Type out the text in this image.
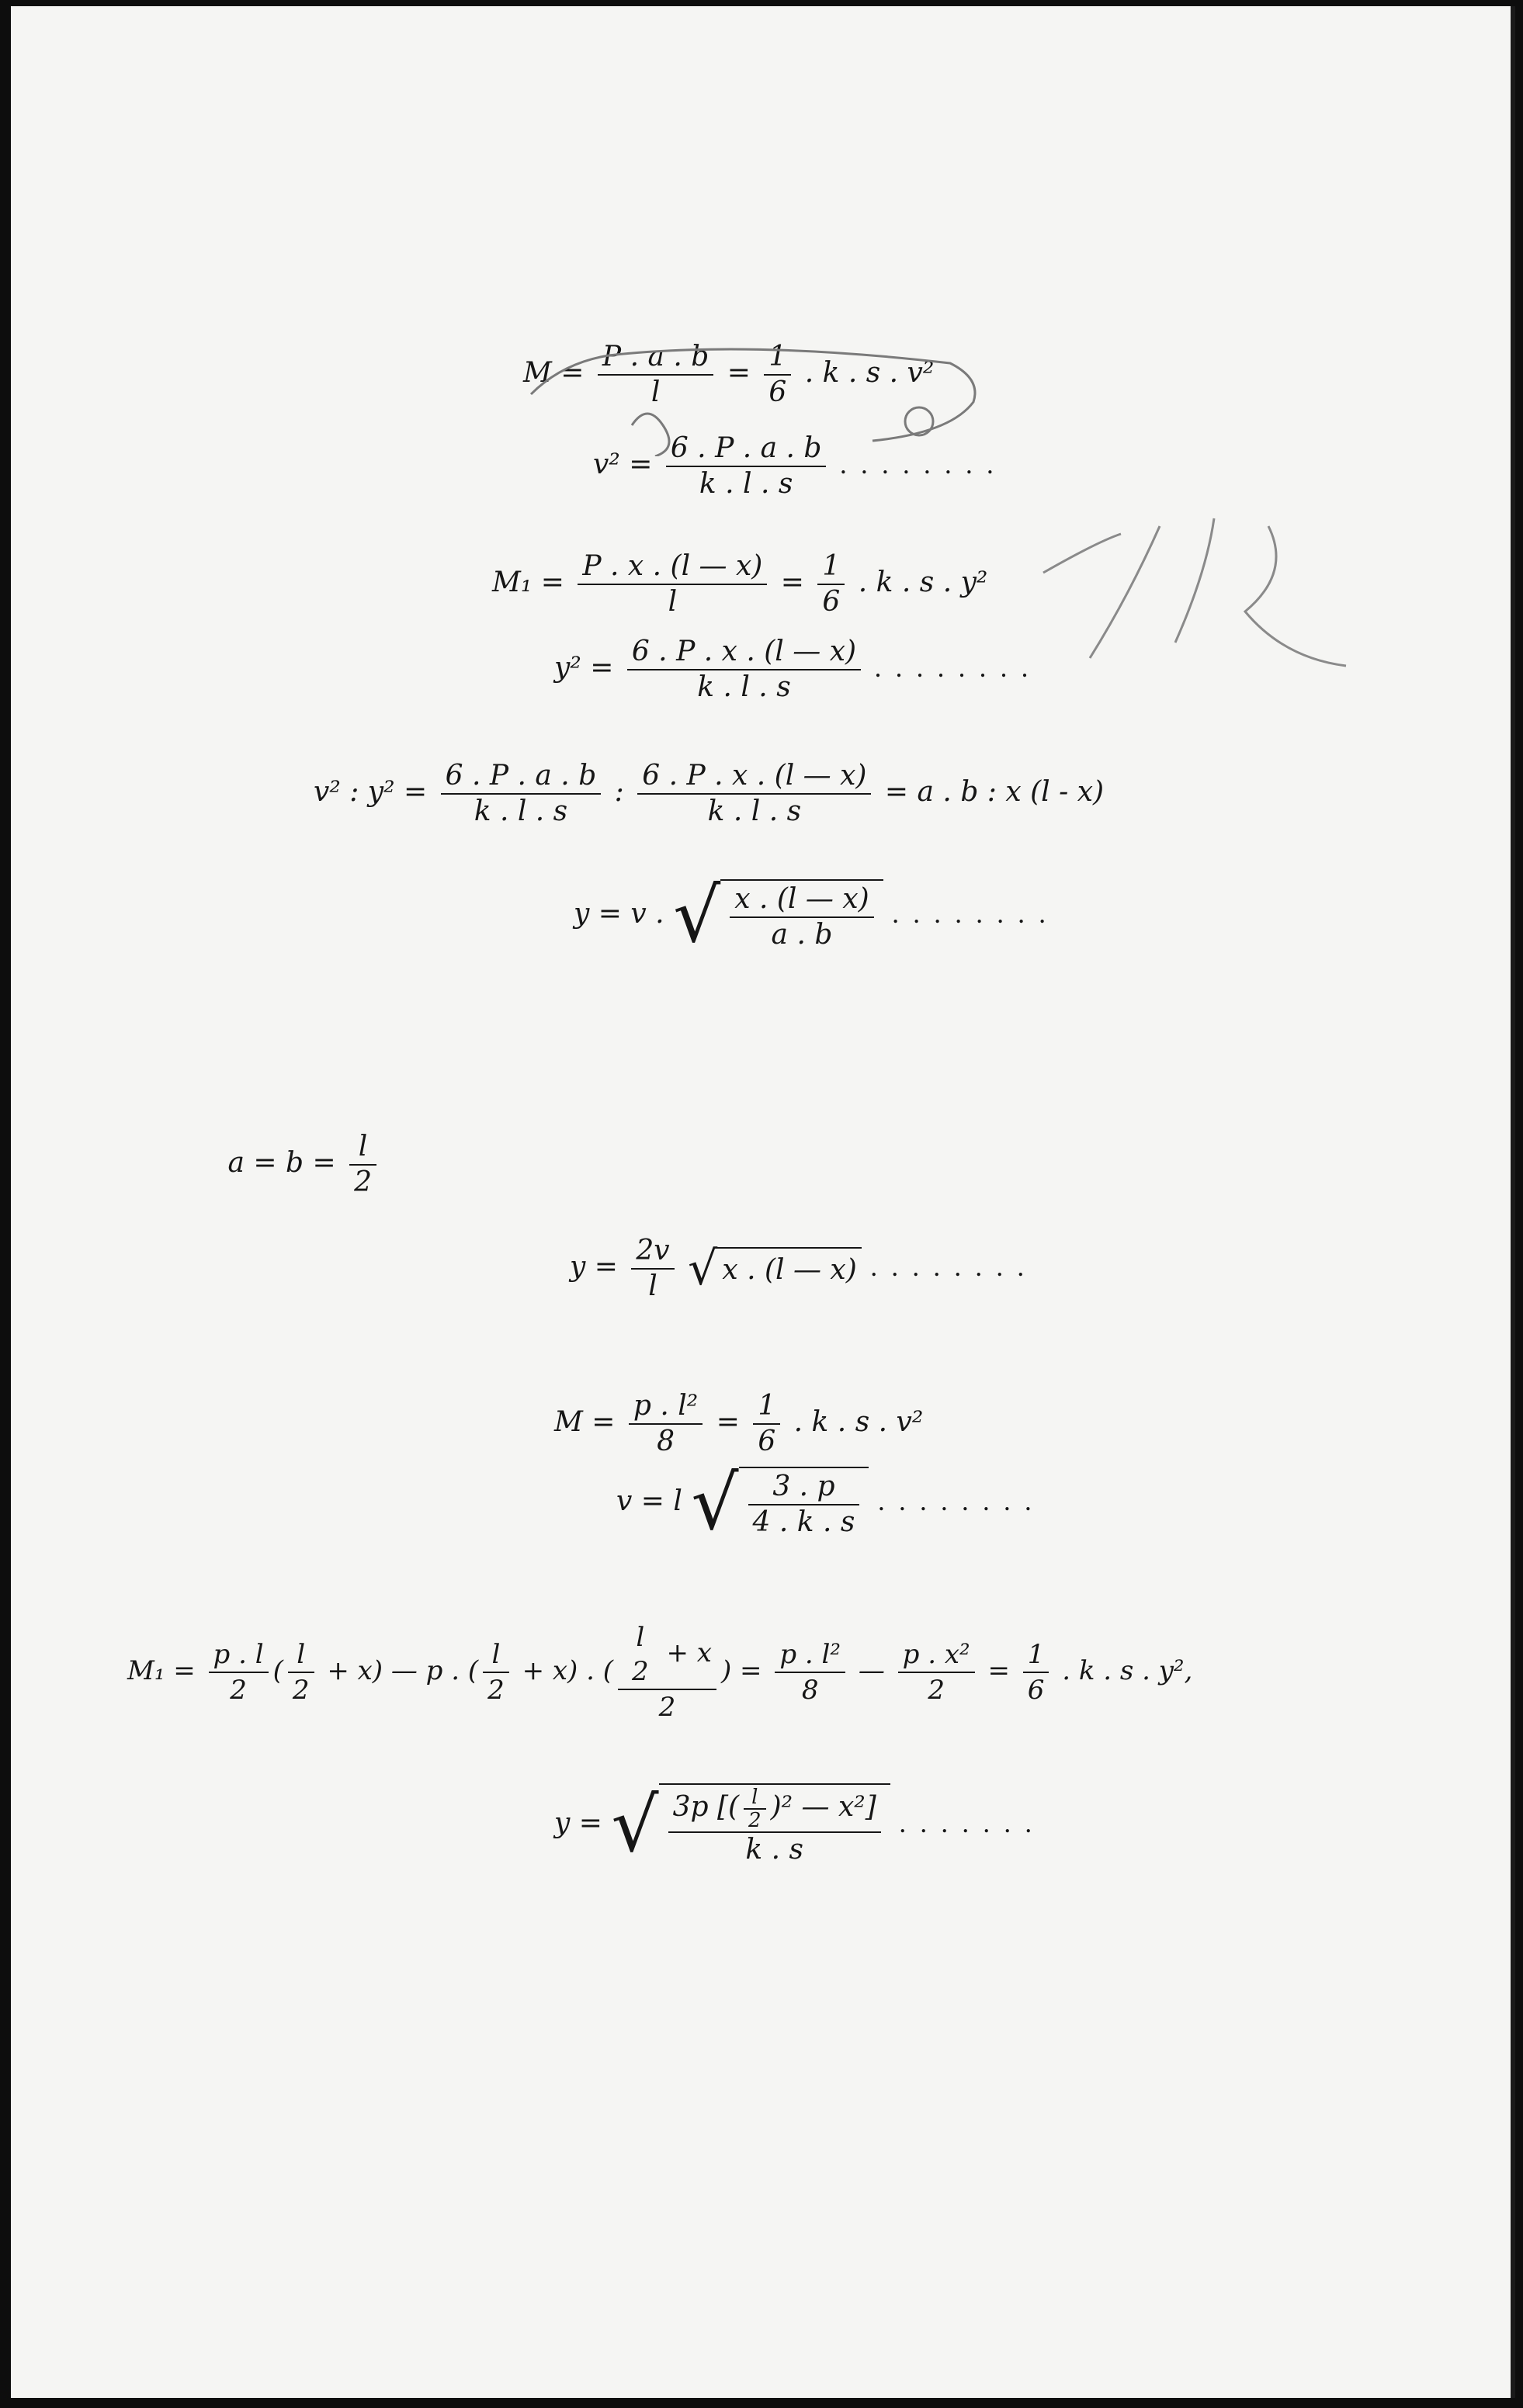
$M = \frac{P . a . b}{l} = \frac{1}{6}$ . k . s . v²
$v^2 = \frac{6 . P . a . b}{k . l . s}$ ........
$M_1 = \frac{P . x . (l — x)}{l} = \frac{1}{6}$ . k . s . y²
$y^2 = \frac{6 . P . x . (l — x)}{k . l . s}$ ........
v² : $y^2 = \frac{6 . P . a . b}{k . l . s}$ : $\frac{6 . P . x . (l — x)}{k . l . s} = a$ . b : x (l - x)
y = v . √ $\frac{x . (l — x)}{a . b}$ ........
$a = b = \frac{l}{2}$
$y = \frac{2v}{l}$ √ x . (l — x) ........
$M = \frac{\text{p . l²}}{8} = \frac{1}{6}$ . k . s . v²
v = l √ $\frac{3 . p}{4 . k . s}$ ........
$M_1 = \frac{p . l}{2}$ ( $\frac{l}{2} + x$) — p . ( $\frac{l}{2} + x$) . ( l
2
+ x
2 ) = $\frac{\text{p . l²}}{8}$ — $\frac{\text{p . x²}}{2} = \frac{1}{6}$ . k . s . y²,
y = √ $\frac{3p [( \frac{l}{2} )^2 — x^2]}{k . s}$ .......
